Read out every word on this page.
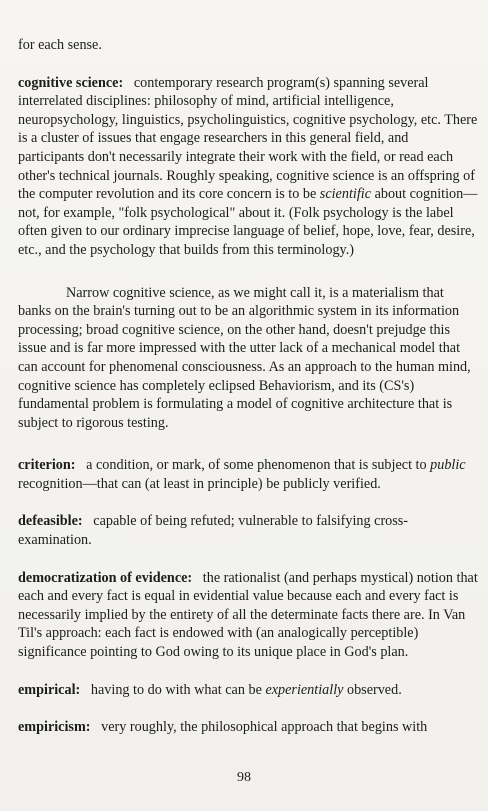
for each sense.

cognitive science: contemporary research program(s) spanning several interrelated disciplines: philosophy of mind, artificial intelligence, neuropsychology, linguistics, psycholinguistics, cognitive psychology, etc. There is a cluster of issues that engage researchers in this general field, and participants don't necessarily integrate their work with the field, or read each other's technical journals. Roughly speaking, cognitive science is an offspring of the computer revolution and its core concern is to be scientific about cognition—not, for example, "folk psychological" about it. (Folk psychology is the label often given to our ordinary imprecise language of belief, hope, love, fear, desire, etc., and the psychology that builds from this terminology.)

Narrow cognitive science, as we might call it, is a materialism that banks on the brain's turning out to be an algorithmic system in its information processing; broad cognitive science, on the other hand, doesn't prejudge this issue and is far more impressed with the utter lack of a mechanical model that can account for phenomenal consciousness. As an approach to the human mind, cognitive science has completely eclipsed Behaviorism, and its (CS's) fundamental problem is formulating a model of cognitive architecture that is subject to rigorous testing.

criterion: a condition, or mark, of some phenomenon that is subject to public recognition—that can (at least in principle) be publicly verified.

defeasible: capable of being refuted; vulnerable to falsifying cross-examination.

democratization of evidence: the rationalist (and perhaps mystical) notion that each and every fact is equal in evidential value because each and every fact is necessarily implied by the entirety of all the determinate facts there are. In Van Til's approach: each fact is endowed with (an analogically perceptible) significance pointing to God owing to its unique place in God's plan.

empirical: having to do with what can be experientially observed.

empiricism: very roughly, the philosophical approach that begins with

98
